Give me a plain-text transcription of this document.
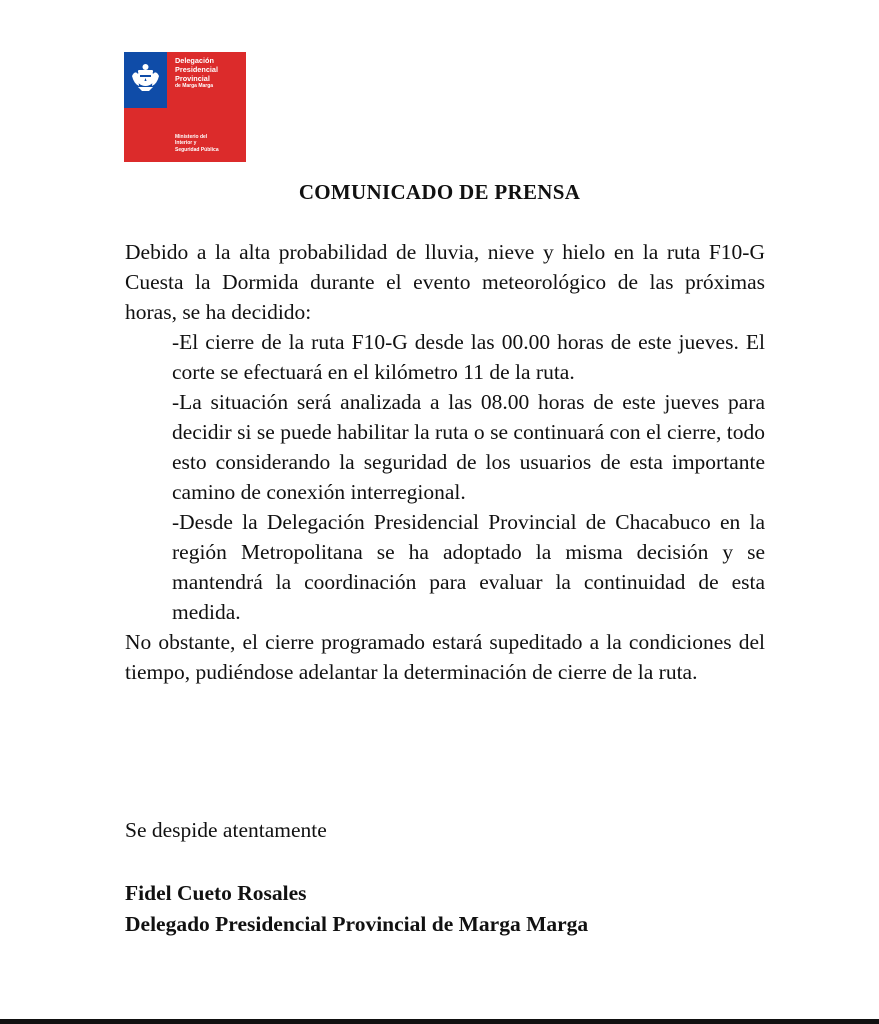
Delegación
Presidencial
Provincial
de Marga Marga
Ministerio del
Interior y
Seguridad Pública
COMUNICADO DE PRENSA

Debido a la alta probabilidad de lluvia, nieve y hielo en la ruta F10-G Cuesta la Dormida durante el evento meteorológico de las próximas horas, se ha decidido:

-El cierre de la ruta F10-G desde las 00.00 horas de este jueves. El corte se efectuará en el kilómetro 11 de la ruta.

-La situación será analizada a las 08.00 horas de este jueves para decidir si se puede habilitar la ruta o se continuará con el cierre, todo esto considerando la seguridad de los usuarios de esta importante camino de conexión interregional.

-Desde la Delegación Presidencial Provincial de Chacabuco en la región Metropolitana se ha adoptado la misma decisión y se mantendrá la coordinación para evaluar la continuidad de esta medida.

No obstante, el cierre programado estará supeditado a la condiciones del tiempo, pudiéndose adelantar la determinación de cierre de la ruta.

Se despide atentamente
Fidel Cueto Rosales
Delegado Presidencial Provincial de Marga Marga
